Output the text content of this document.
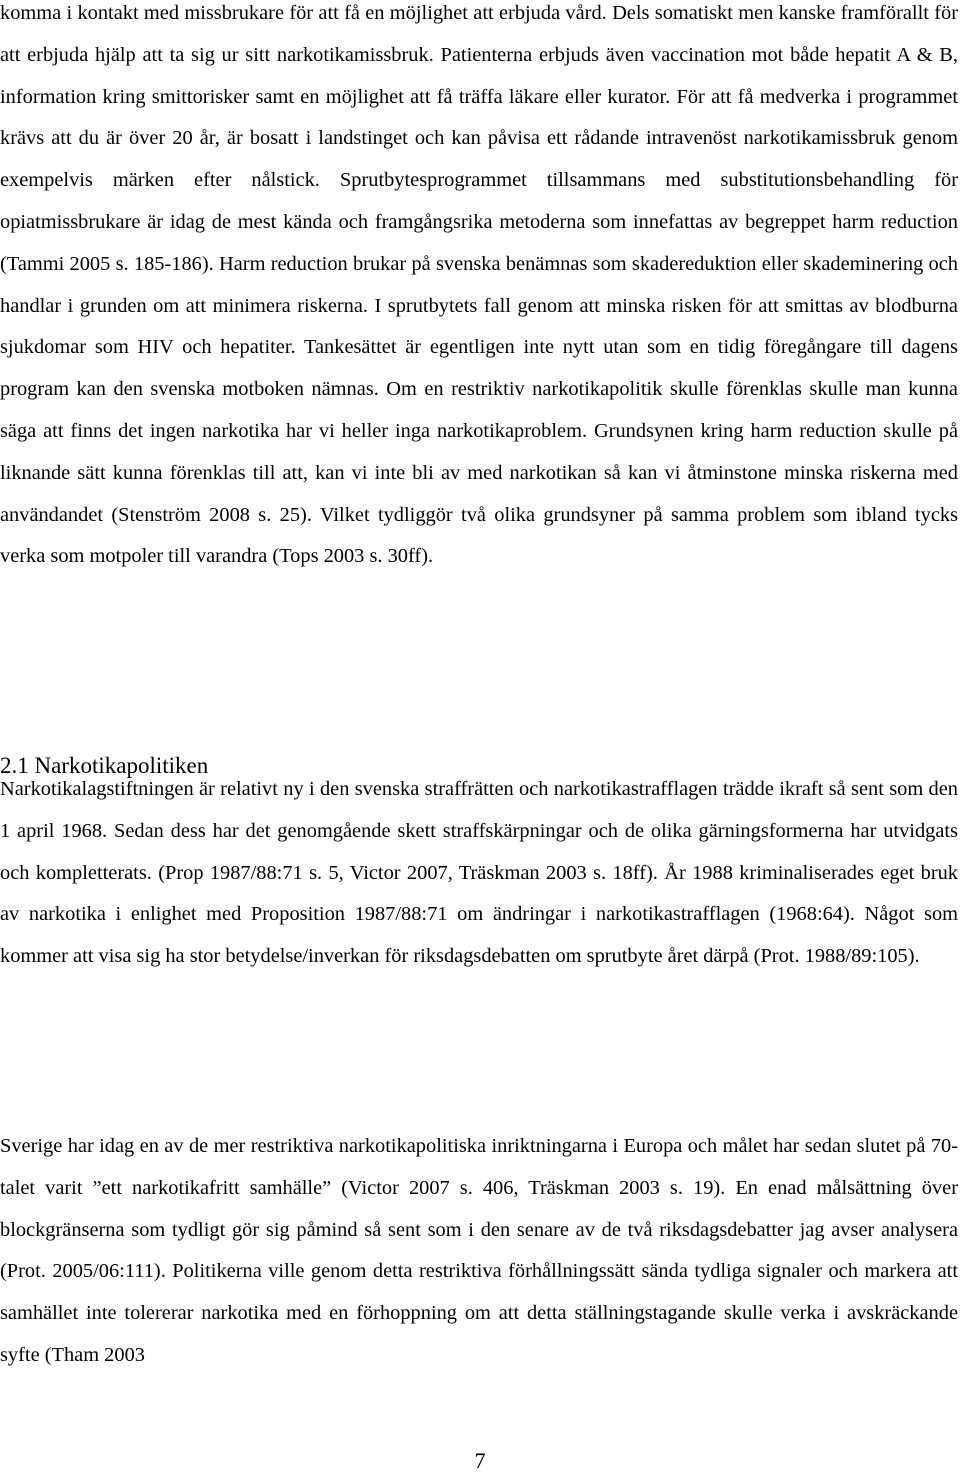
komma i kontakt med missbrukare för att få en möjlighet att erbjuda vård. Dels somatiskt men kanske framförallt för att erbjuda hjälp att ta sig ur sitt narkotikamissbruk. Patienterna erbjuds även vaccination mot både hepatit A & B, information kring smittorisker samt en möjlighet att få träffa läkare eller kurator. För att få medverka i programmet krävs att du är över 20 år, är bosatt i landstinget och kan påvisa ett rådande intravenöst narkotikamissbruk genom exempelvis märken efter nålstick. Sprutbytesprogrammet tillsammans med substitutionsbehandling för opiatmissbrukare är idag de mest kända och framgångsrika metoderna som innefattas av begreppet harm reduction (Tammi 2005 s. 185-186). Harm reduction brukar på svenska benämnas som skadereduktion eller skademinering och handlar i grunden om att minimera riskerna. I sprutbytets fall genom att minska risken för att smittas av blodburna sjukdomar som HIV och hepatiter. Tankesättet är egentligen inte nytt utan som en tidig föregångare till dagens program kan den svenska motboken nämnas. Om en restriktiv narkotikapolitik skulle förenklas skulle man kunna säga att finns det ingen narkotika har vi heller inga narkotikaproblem. Grundsynen kring harm reduction skulle på liknande sätt kunna förenklas till att, kan vi inte bli av med narkotikan så kan vi åtminstone minska riskerna med användandet (Stenström 2008 s. 25). Vilket tydliggör två olika grundsyner på samma problem som ibland tycks verka som motpoler till varandra (Tops 2003 s. 30ff).

2.1 Narkotikapolitiken

Narkotikalagstiftningen är relativt ny i den svenska straffrätten och narkotikastrafflagen trädde ikraft så sent som den 1 april 1968. Sedan dess har det genomgående skett straffskärpningar och de olika gärningsformerna har utvidgats och kompletterats. (Prop 1987/88:71 s. 5, Victor 2007, Träskman 2003 s. 18ff). År 1988 kriminaliserades eget bruk av narkotika i enlighet med Proposition 1987/88:71 om ändringar i narkotikastrafflagen (1968:64). Något som kommer att visa sig ha stor betydelse/inverkan för riksdagsdebatten om sprutbyte året därpå (Prot. 1988/89:105).

Sverige har idag en av de mer restriktiva narkotikapolitiska inriktningarna i Europa och målet har sedan slutet på 70-talet varit ”ett narkotikafritt samhälle” (Victor 2007 s. 406, Träskman 2003 s. 19). En enad målsättning över blockgränserna som tydligt gör sig påmind så sent som i den senare av de två riksdagsdebatter jag avser analysera (Prot. 2005/06:111). Politikerna ville genom detta restriktiva förhållningssätt sända tydliga signaler och markera att samhället inte tolererar narkotika med en förhoppning om att detta ställningstagande skulle verka i avskräckande syfte (Tham 2003

7
